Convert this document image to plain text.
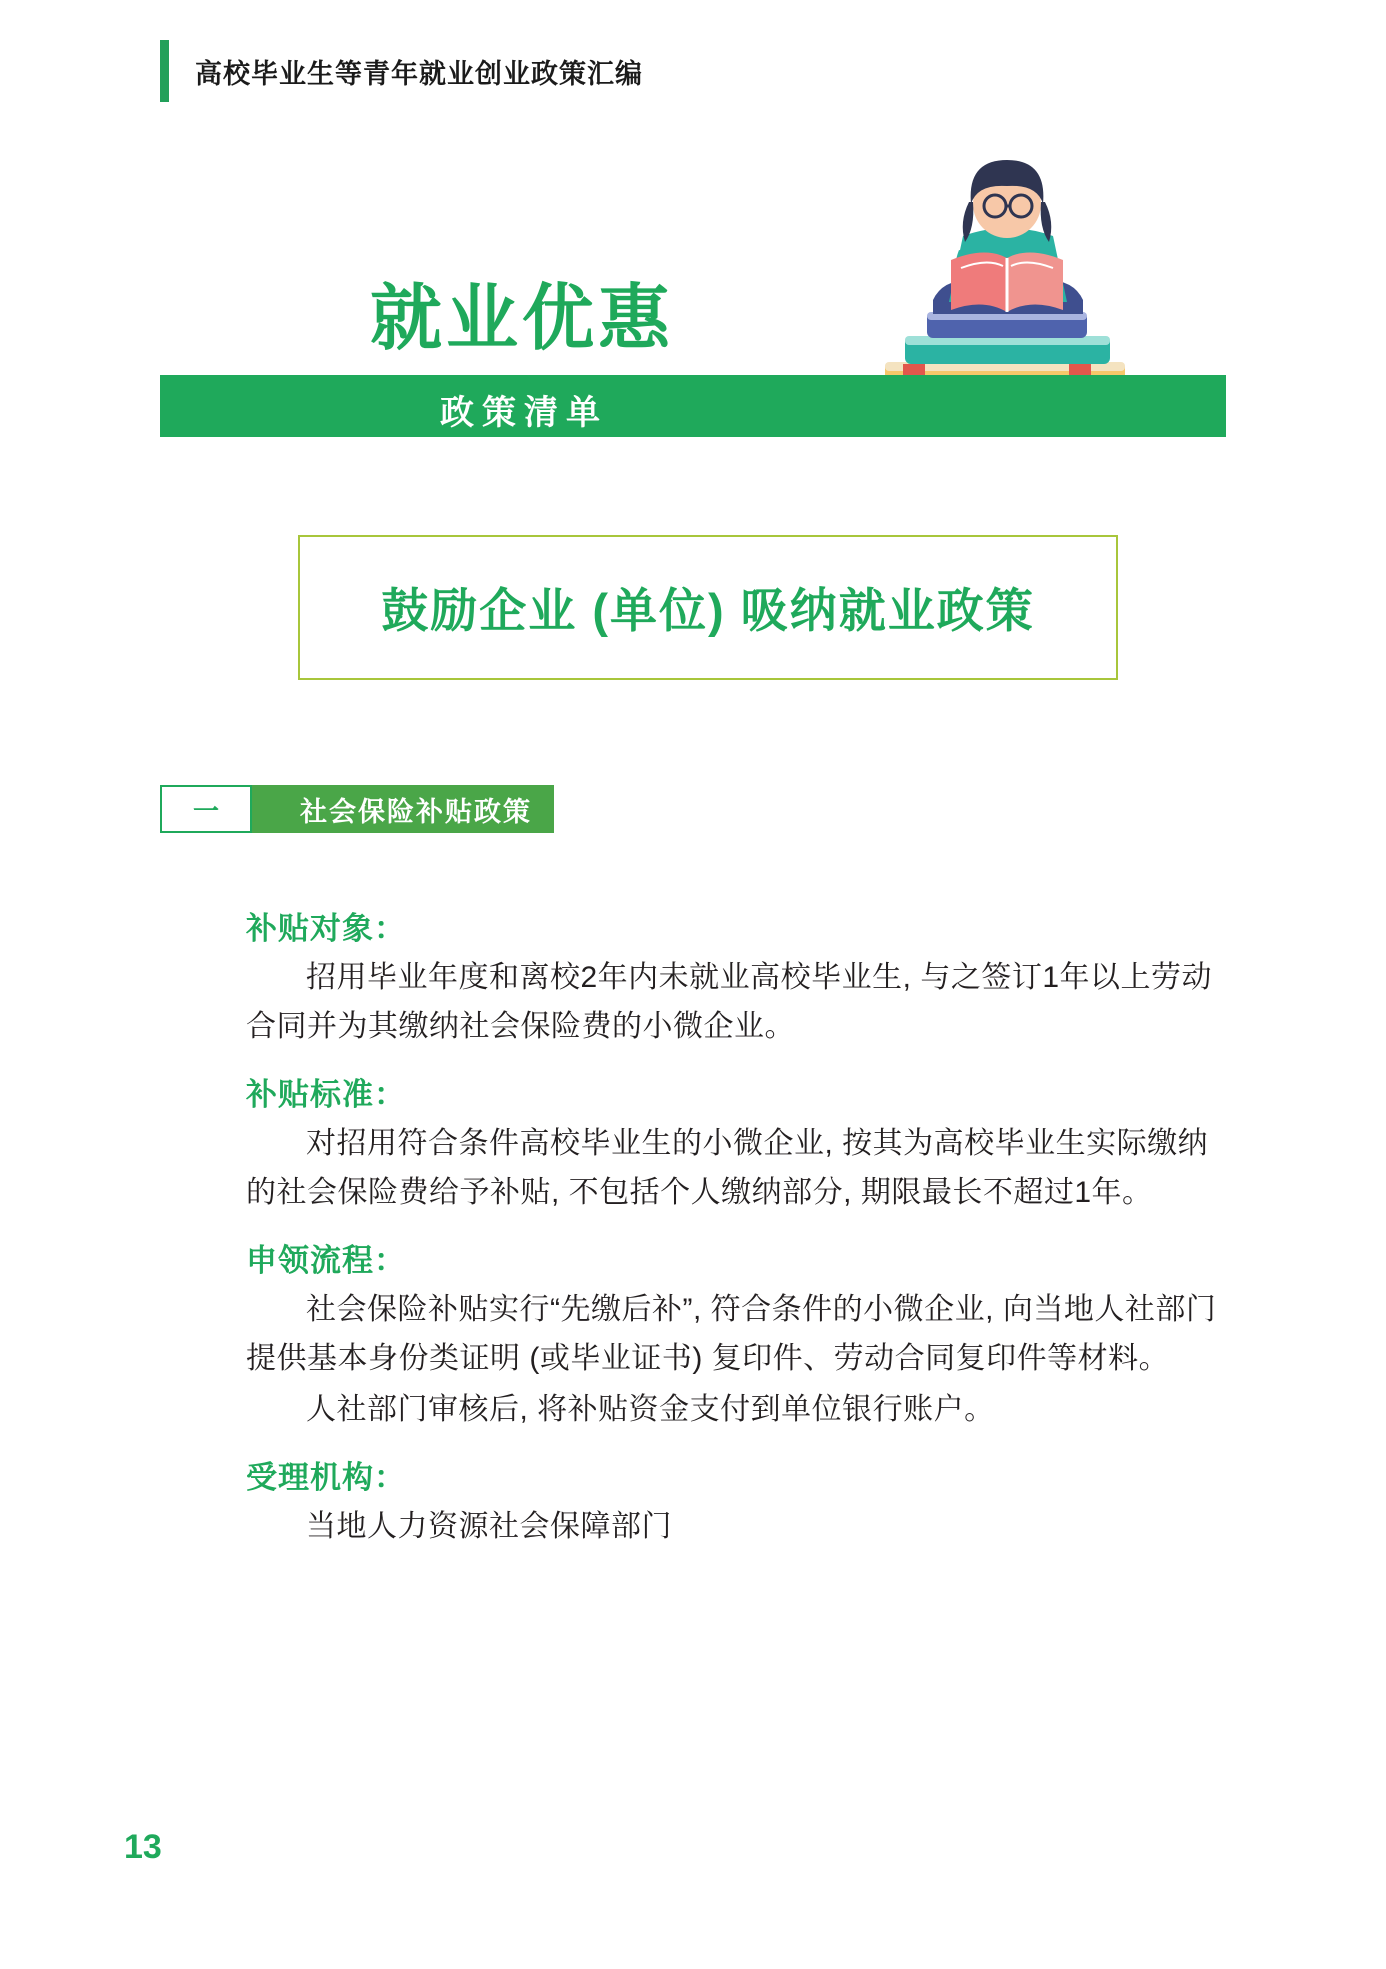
高校毕业生等青年就业创业政策汇编
就业优惠
政策清单
鼓励企业 (单位) 吸纳就业政策
一	社会保险补贴政策
补贴对象：

招用毕业年度和离校2年内未就业高校毕业生, 与之签订1年以上劳动合同并为其缴纳社会保险费的小微企业。

补贴标准：

对招用符合条件高校毕业生的小微企业, 按其为高校毕业生实际缴纳的社会保险费给予补贴, 不包括个人缴纳部分, 期限最长不超过1年。

申领流程：

社会保险补贴实行“先缴后补”, 符合条件的小微企业, 向当地人社部门提供基本身份类证明 (或毕业证书) 复印件、劳动合同复印件等材料。

人社部门审核后, 将补贴资金支付到单位银行账户。

受理机构：

当地人力资源社会保障部门

13
